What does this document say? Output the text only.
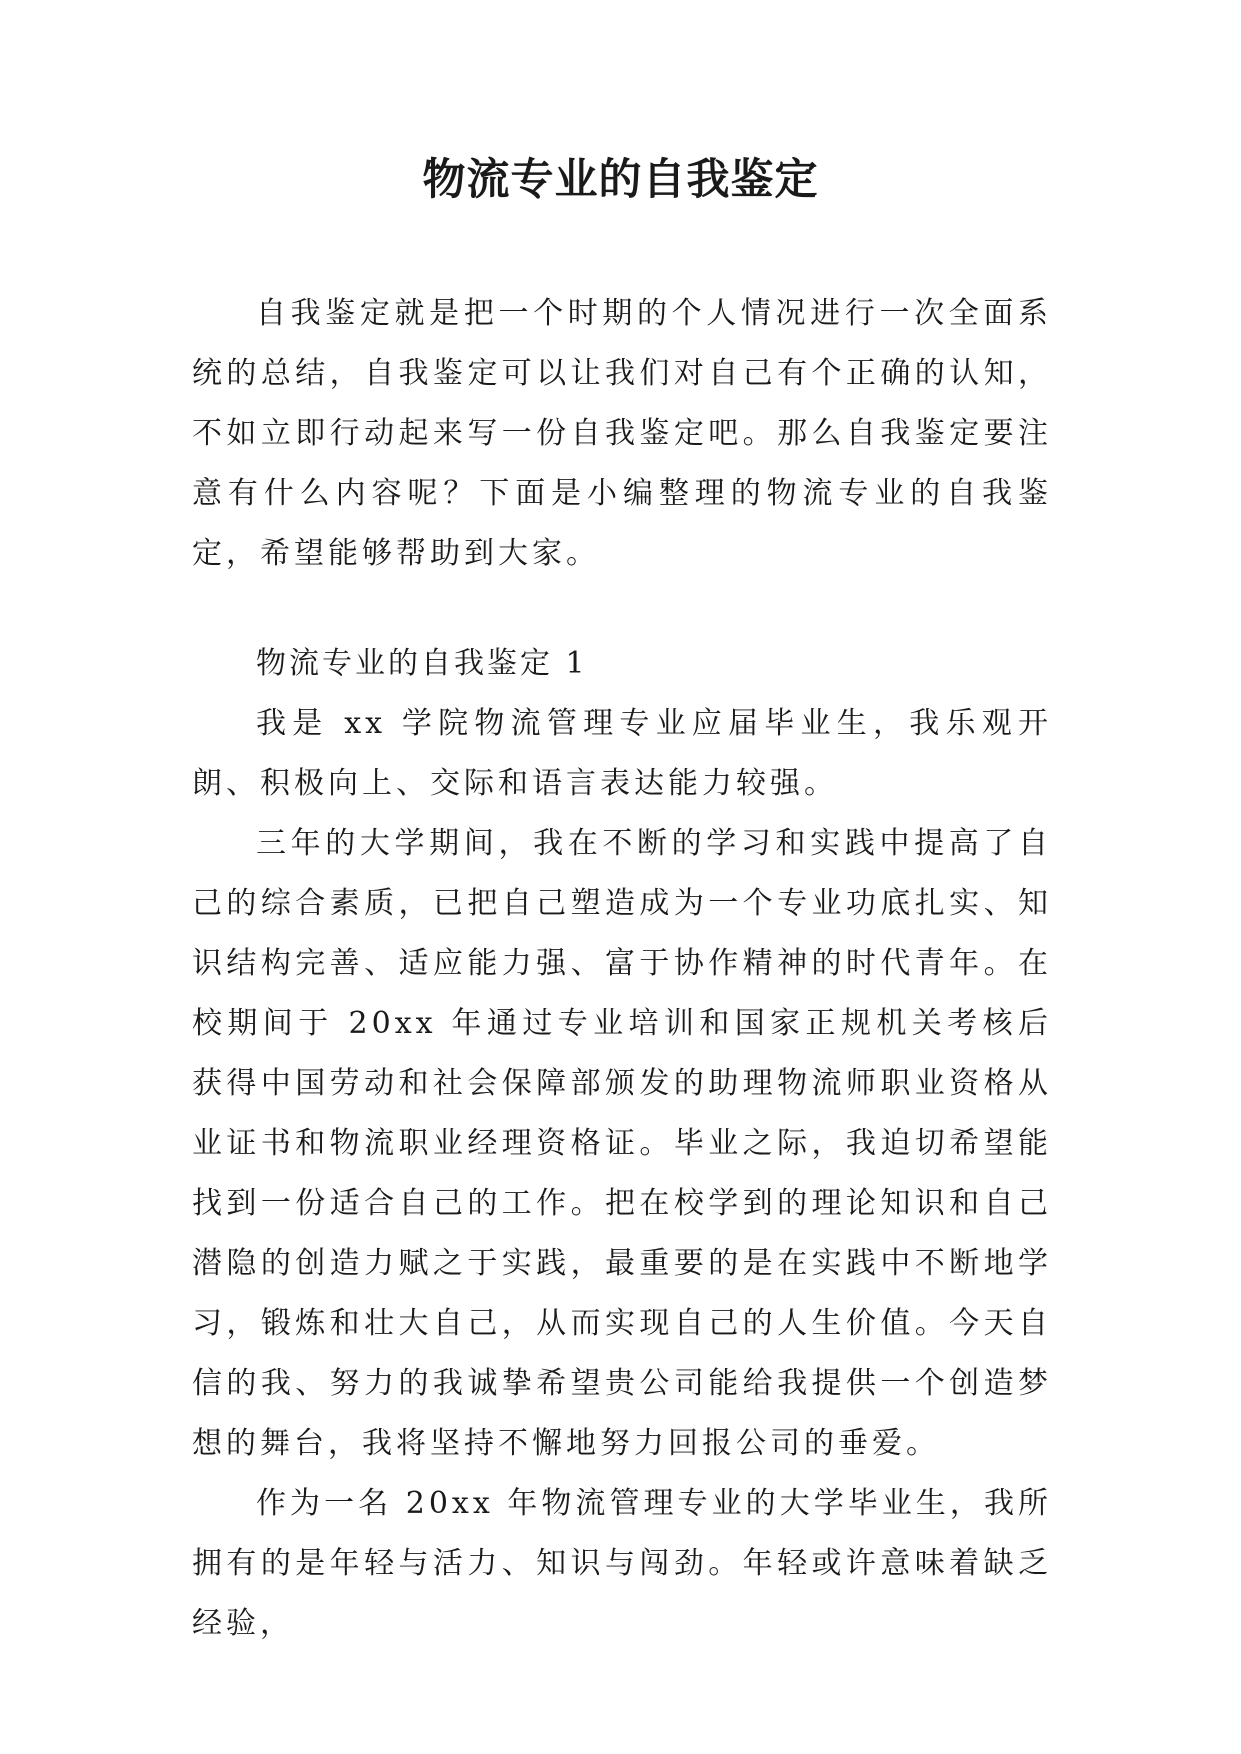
物流专业的自我鉴定

自我鉴定就是把一个时期的个人情况进行一次全面系统的总结，自我鉴定可以让我们对自己有个正确的认知，不如立即行动起来写一份自我鉴定吧。那么自我鉴定要注意有什么内容呢？下面是小编整理的物流专业的自我鉴定，希望能够帮助到大家。

物流专业的自我鉴定 1

我是 xx 学院物流管理专业应届毕业生，我乐观开朗、积极向上、交际和语言表达能力较强。

三年的大学期间，我在不断的学习和实践中提高了自己的综合素质，已把自己塑造成为一个专业功底扎实、知识结构完善、适应能力强、富于协作精神的时代青年。在校期间于 20xx 年通过专业培训和国家正规机关考核后获得中国劳动和社会保障部颁发的助理物流师职业资格从业证书和物流职业经理资格证。毕业之际，我迫切希望能找到一份适合自己的工作。把在校学到的理论知识和自己潜隐的创造力赋之于实践，最重要的是在实践中不断地学习，锻炼和壮大自己，从而实现自己的人生价值。今天自信的我、努力的我诚挚希望贵公司能给我提供一个创造梦想的舞台，我将坚持不懈地努力回报公司的垂爱。

作为一名 20xx 年物流管理专业的大学毕业生，我所拥有的是年轻与活力、知识与闯劲。年轻或许意味着缺乏经验，
